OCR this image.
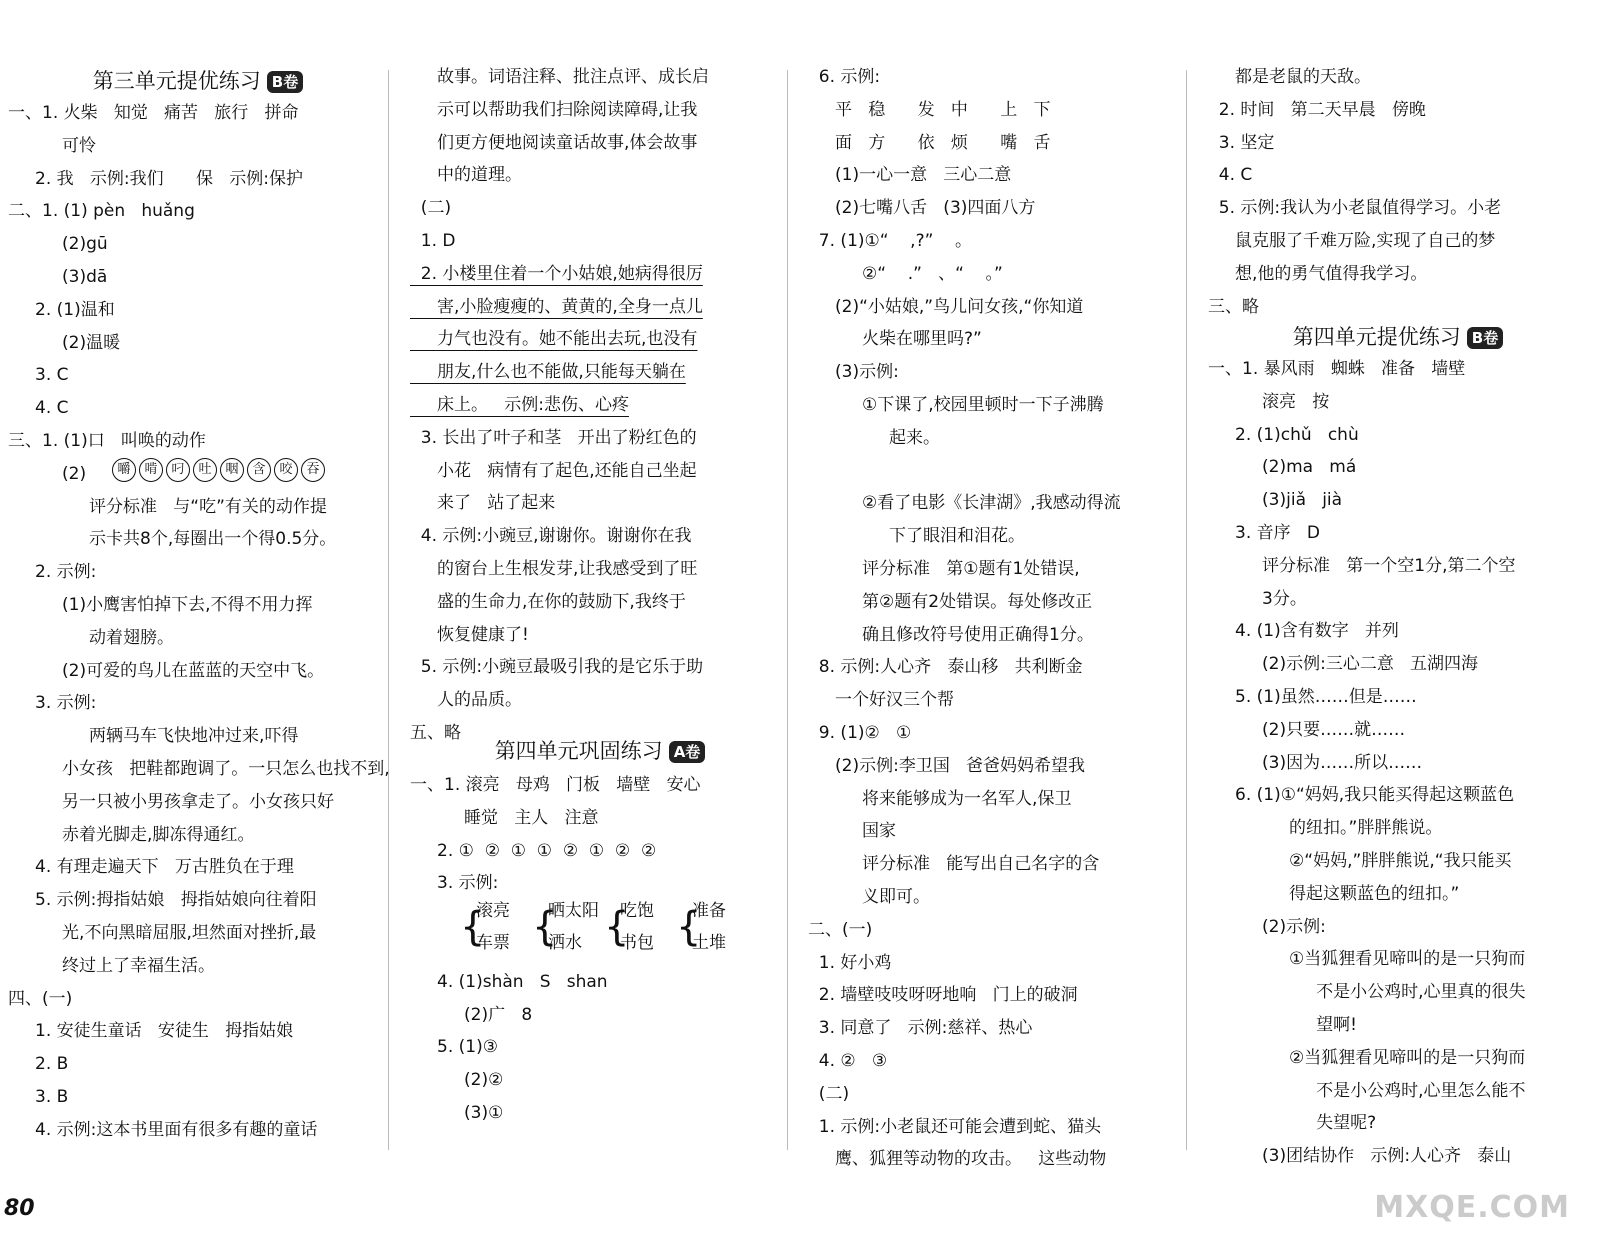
第三单元提优练习 B卷
一、1. 火柴   知觉   痛苦   旅行   拼命
可怜
2. 我   示例:我们      保   示例:保护
二、1. (1) pèn   huǎng
(2)gū
(3)dā
2. (1)温和
(2)温暖
3. C
4. C
三、1. (1)口   叫唤的动作
(2)
评分标准   与“吃”有关的动作提
示卡共8个,每圈出一个得0.5分。
2. 示例:
(1)小鹰害怕掉下去,不得不用力挥
动着翅膀。
(2)可爱的鸟儿在蓝蓝的天空中飞。
3. 示例:
两辆马车飞快地冲过来,吓得
小女孩   把鞋都跑调了。一只怎么也找不到,
另一只被小男孩拿走了。小女孩只好
赤着光脚走,脚冻得通红。
4. 有理走遍天下   万古胜负在于理
5. 示例:拇指姑娘   拇指姑娘向往着阳
光,不向黑暗屈服,坦然面对挫折,最
终过上了幸福生活。
四、(一)
1. 安徒生童话   安徒生   拇指姑娘
2. B
3. B
4. 示例:这本书里面有很多有趣的童话
嚼 啃 叼 吐 咽 含 咬 吞
故事。词语注释、批注点评、成长启
示可以帮助我们扫除阅读障碍,让我
们更方便地阅读童话故事,体会故事
中的道理。
(二)
1. D
2. 小楼里住着一个小姑娘,她病得很厉
害,小脸瘦瘦的、黄黄的,全身一点儿
力气也没有。她不能出去玩,也没有
朋友,什么也不能做,只能每天躺在
床上。   示例:悲伤、心疼
3. 长出了叶子和茎   开出了粉红色的
小花   病情有了起色,还能自己坐起
来了   站了起来
4. 示例:小豌豆,谢谢你。谢谢你在我
的窗台上生根发芽,让我感受到了旺
盛的生命力,在你的鼓励下,我终于
恢复健康了!
5. 示例:小豌豆最吸引我的是它乐于助
人的品质。
五、略
第四单元巩固练习 A卷
一、1. 滚亮   母鸡   门板   墙壁   安心
睡觉   主人   注意
2. ①  ②  ①  ①  ②  ①  ②  ②
3. 示例:
4. (1)shàn   S   shan
(2)广   8
5. (1)③
(2)②
(3)①
{
滚亮
车票 {
晒太阳
洒水 {
吃饱
书包 {
准备
土堆
6. 示例:
平   稳      发   中      上   下
面   方      依   烦      嘴   舌
(1)一心一意   三心二意
(2)七嘴八舌   (3)四面八方
7. (1)①“    ,?”    。
②“    .”   、“    。”
(2)“小姑娘,”鸟儿问女孩,“你知道
火柴在哪里吗?”
(3)示例:
①下课了,校园里顿时一下子沸腾
起来。
②看了电影《长津湖》,我感动得流
下了眼泪和泪花。
评分标准   第①题有1处错误,
第②题有2处错误。每处修改正
确且修改符号使用正确得1分。
8. 示例:人心齐   泰山移   共利断金
一个好汉三个帮
9. (1)②   ①
(2)示例:李卫国   爸爸妈妈希望我
将来能够成为一名军人,保卫
国家
评分标准   能写出自己名字的含
义即可。
二、(一)
1. 好小鸡
2. 墙壁吱吱呀呀地响   门上的破洞
3. 同意了   示例:慈祥、热心
4. ②   ③
(二)
1. 示例:小老鼠还可能会遭到蛇、猫头
鹰、狐狸等动物的攻击。   这些动物
都是老鼠的天敌。
2. 时间   第二天早晨   傍晚
3. 坚定
4. C
5. 示例:我认为小老鼠值得学习。小老
鼠克服了千难万险,实现了自己的梦
想,他的勇气值得我学习。
三、略
第四单元提优练习 B卷
一、1. 暴风雨   蜘蛛   准备   墙壁
滚亮   按
2. (1)chǔ   chù
(2)ma   má
(3)jiǎ   jià
3. 音序   D
评分标准   第一个空1分,第二个空
3分。
4. (1)含有数字   并列
(2)示例:三心二意   五湖四海
5. (1)虽然……但是……
(2)只要……就……
(3)因为……所以……
6. (1)①“妈妈,我只能买得起这颗蓝色
的纽扣。”胖胖熊说。
②“妈妈,”胖胖熊说,“我只能买
得起这颗蓝色的纽扣。”
(2)示例:
①当狐狸看见啼叫的是一只狗而
不是小公鸡时,心里真的很失
望啊!
②当狐狸看见啼叫的是一只狗而
不是小公鸡时,心里怎么能不
失望呢?
(3)团结协作   示例:人心齐   泰山
80	MXQE.COM
